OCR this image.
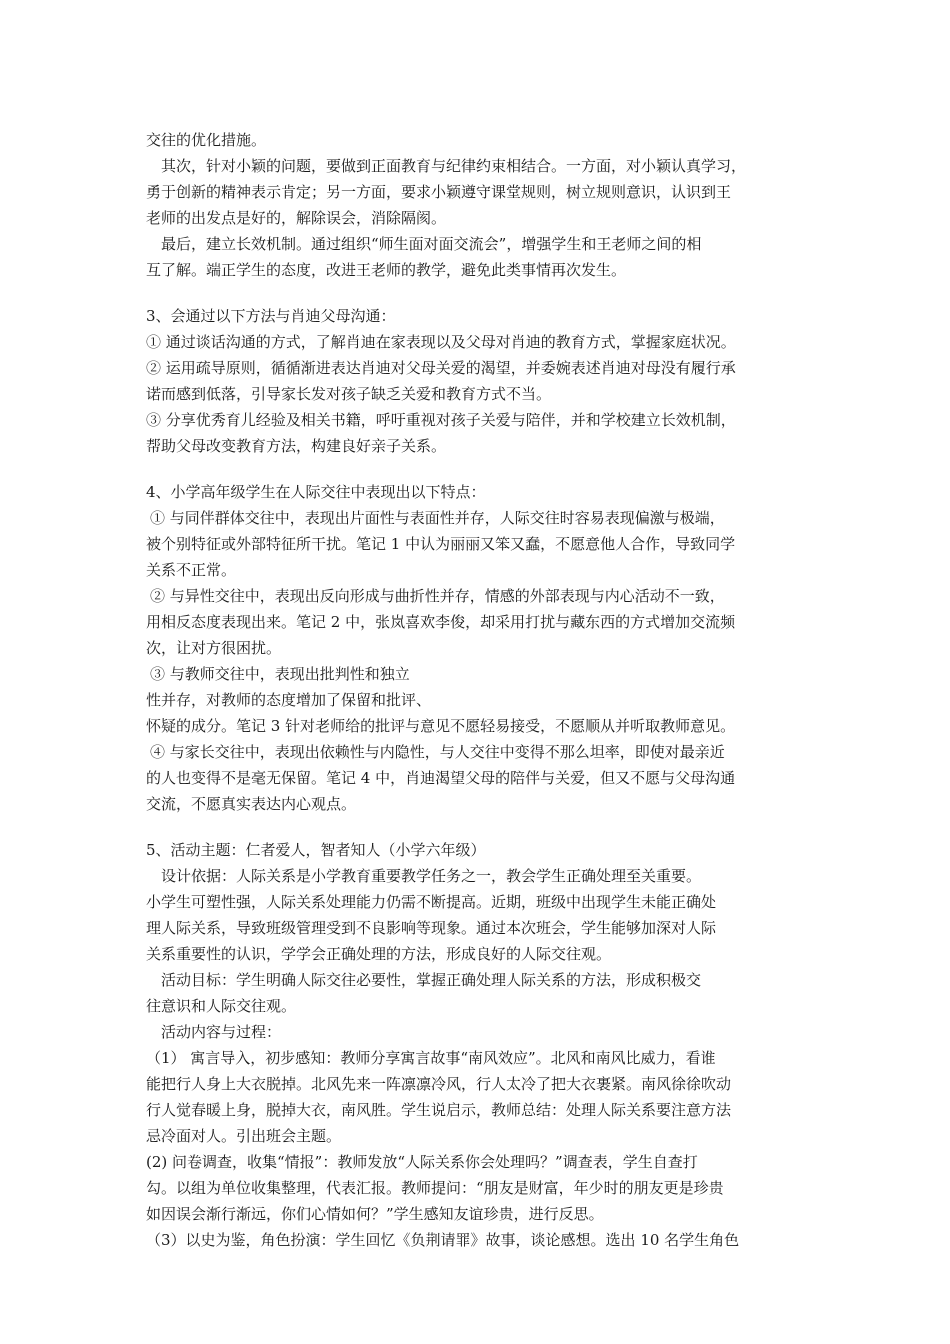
交往的优化措施。
其次，针对小颖的问题，要做到正面教育与纪律约束相结合。一方面，对小颖认真学习，
勇于创新的精神表示肯定；另一方面，要求小颖遵守课堂规则，树立规则意识，认识到王
老师的出发点是好的，解除误会，消除隔阂。
最后，建立长效机制。通过组织“师生面对面交流会”，增强学生和王老师之间的相
互了解。端正学生的态度，改进王老师的教学，避免此类事情再次发生。
3、会通过以下方法与肖迪父母沟通：
① 通过谈话沟通的方式，了解肖迪在家表现以及父母对肖迪的教育方式，掌握家庭状况。
② 运用疏导原则，循循渐进表达肖迪对父母关爱的渴望，并委婉表述肖迪对母没有履行承
诺而感到低落，引导家长发对孩子缺乏关爱和教育方式不当。
③ 分享优秀育儿经验及相关书籍，呼吁重视对孩子关爱与陪伴，并和学校建立长效机制，
帮助父母改变教育方法，构建良好亲子关系。
4、小学高年级学生在人际交往中表现出以下特点：
① 与同伴群体交往中，表现出片面性与表面性并存，人际交往时容易表现偏激与极端，
被个别特征或外部特征所干扰。笔记 1 中认为丽丽又笨又蠢，不愿意他人合作，导致同学
关系不正常。
② 与异性交往中，表现出反向形成与曲折性并存，情感的外部表现与内心活动不一致，
用相反态度表现出来。笔记 2 中，张岚喜欢李俊，却采用打扰与藏东西的方式增加交流频
次，让对方很困扰。
③ 与教师交往中，表现出批判性和独立
性并存，对教师的态度增加了保留和批评、
怀疑的成分。笔记 3 针对老师给的批评与意见不愿轻易接受，不愿顺从并听取教师意见。
④ 与家长交往中，表现出依赖性与内隐性，与人交往中变得不那么坦率，即使对最亲近
的人也变得不是毫无保留。笔记 4 中，肖迪渴望父母的陪伴与关爱，但又不愿与父母沟通
交流，不愿真实表达内心观点。
5、活动主题：仁者爱人，智者知人（小学六年级）
设计依据：人际关系是小学教育重要教学任务之一，教会学生正确处理至关重要。
小学生可塑性强，人际关系处理能力仍需不断提高。近期，班级中出现学生未能正确处
理人际关系，导致班级管理受到不良影响等现象。通过本次班会，学生能够加深对人际
关系重要性的认识，学学会正确处理的方法，形成良好的人际交往观。
活动目标：学生明确人际交往必要性，掌握正确处理人际关系的方法，形成积极交
往意识和人际交往观。
活动内容与过程：
（1） 寓言导入，初步感知：教师分享寓言故事“南风效应”。北风和南风比威力，看谁
能把行人身上大衣脱掉。北风先来一阵凛凛冷风，行人太冷了把大衣裹紧。南风徐徐吹动
行人觉春暖上身，脱掉大衣，南风胜。学生说启示，教师总结：处理人际关系要注意方法
忌冷面对人。引出班会主题。
(2) 问卷调查，收集“情报”：教师发放“人际关系你会处理吗？”调查表，学生自查打
勾。以组为单位收集整理，代表汇报。教师提问：“朋友是财富，年少时的朋友更是珍贵
如因误会渐行渐远，你们心情如何？”学生感知友谊珍贵，进行反思。
（3）以史为鉴，角色扮演：学生回忆《负荆请罪》故事，谈论感想。选出 10 名学生角色
